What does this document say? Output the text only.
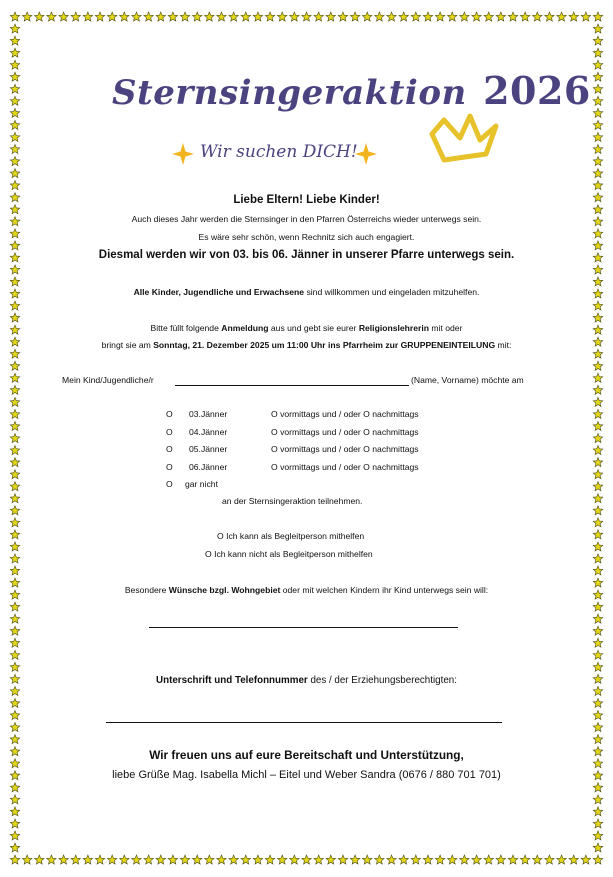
Sternsingeraktion 2026
Wir suchen DICH!
Liebe Eltern! Liebe Kinder!
Auch dieses Jahr werden die Sternsinger in den Pfarren Österreichs wieder unterwegs sein.
Es wäre sehr schön, wenn Rechnitz sich auch engagiert.
Diesmal werden wir von 03. bis 06. Jänner in unserer Pfarre unterwegs sein.
Alle Kinder, Jugendliche und Erwachsene sind willkommen und eingeladen mitzuhelfen.
Bitte füllt folgende Anmeldung aus und gebt sie eurer Religionslehrerin mit oder
bringt sie am Sonntag, 21. Dezember 2025 um 11:00 Uhr ins Pfarrheim zur GRUPPENEINTEILUNG mit:
Mein Kind/Jugendliche/r	(Name, Vorname) möchte am
O 03.Jänner	O vormittags und / oder O nachmittags
O 04.Jänner	O vormittags und / oder O nachmittags
O 05.Jänner	O vormittags und / oder O nachmittags
O 06.Jänner	O vormittags und / oder O nachmittags
O gar nicht
an der Sternsingeraktion teilnehmen.
O Ich kann als Begleitperson mithelfen
O Ich kann nicht als Begleitperson mithelfen
Besondere Wünsche bzgl. Wohngebiet oder mit welchen Kindern ihr Kind unterwegs sein will:
Unterschrift und Telefonnummer des / der Erziehungsberechtigten:
Wir freuen uns auf eure Bereitschaft und Unterstützung,
liebe Grüße Mag. Isabella Michl – Eitel und Weber Sandra (0676 / 880 701 701)
